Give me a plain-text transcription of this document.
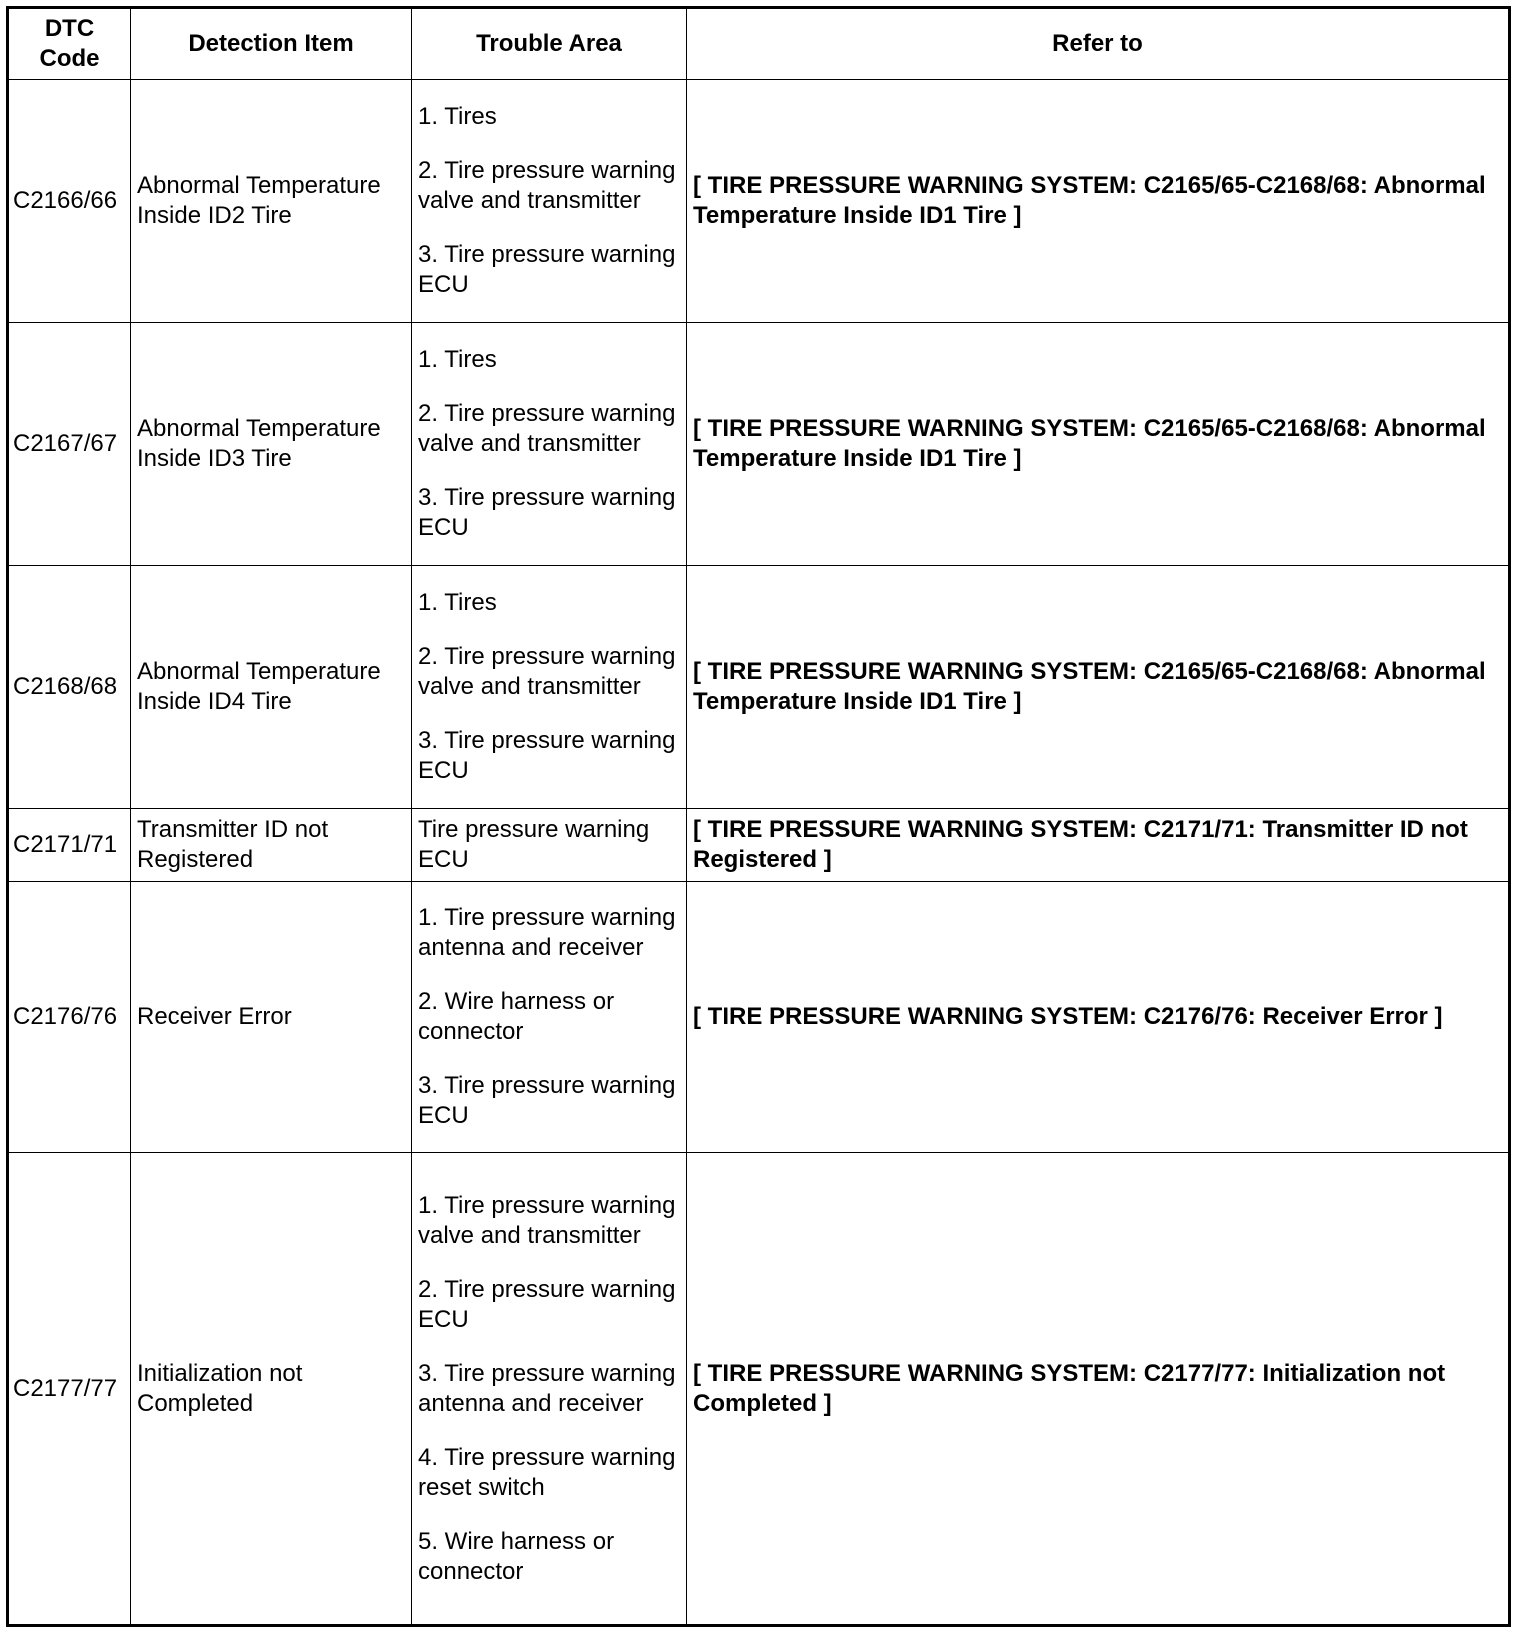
DTC
Code	Detection Item	Trouble Area	Refer to
C2166/66	Abnormal Temperature Inside ID2 Tire	1. Tires
2. Tire pressure warning valve and transmitter
3. Tire pressure warning ECU	[ TIRE PRESSURE WARNING SYSTEM: C2165/65-C2168/68: Abnormal Temperature Inside ID1 Tire ]
C2167/67	Abnormal Temperature Inside ID3 Tire	1. Tires
2. Tire pressure warning valve and transmitter
3. Tire pressure warning ECU	[ TIRE PRESSURE WARNING SYSTEM: C2165/65-C2168/68: Abnormal Temperature Inside ID1 Tire ]
C2168/68	Abnormal Temperature Inside ID4 Tire	1. Tires
2. Tire pressure warning valve and transmitter
3. Tire pressure warning ECU	[ TIRE PRESSURE WARNING SYSTEM: C2165/65-C2168/68: Abnormal Temperature Inside ID1 Tire ]
C2171/71	Transmitter ID not Registered	Tire pressure warning ECU	[ TIRE PRESSURE WARNING SYSTEM: C2171/71: Transmitter ID not Registered ]
C2176/76	Receiver Error	1. Tire pressure warning antenna and receiver
2. Wire harness or connector
3. Tire pressure warning ECU	[ TIRE PRESSURE WARNING SYSTEM: C2176/76: Receiver Error ]
C2177/77	Initialization not Completed	1. Tire pressure warning valve and transmitter
2. Tire pressure warning ECU
3. Tire pressure warning antenna and receiver
4. Tire pressure warning reset switch
5. Wire harness or connector	[ TIRE PRESSURE WARNING SYSTEM: C2177/77: Initialization not Completed ]
